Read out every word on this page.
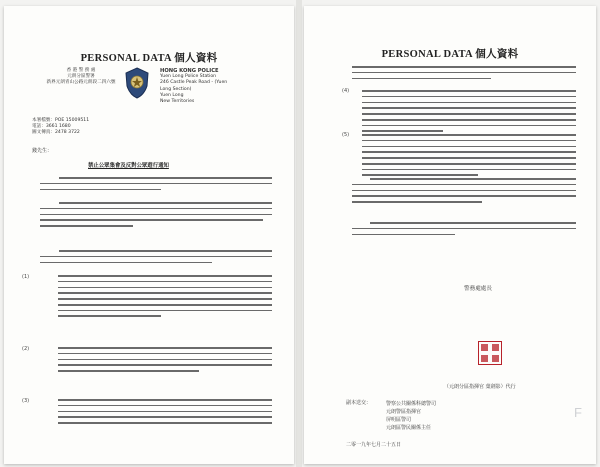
PERSONAL DATA 個人資料
香 港 警 務 處
元朗分區警署
新界元朗青山公路元朗段二四六號
HONG KONG POLICE
Yuen Long Police Station
246 Castle Peak Road - (Yuen
Long Section)
Yuen Long
New Territories
本署檔號：POE 15009511
電話：3661 1680
圖文傳真：2478 3722
錢先生：
禁止公眾集會及反對公眾遊行通知
(1)
(2)
(3)
PERSONAL DATA 個人資料
(4)
(5)
警務處處長
（元朗分區指揮官 葉劍影）代行
副本送交：	警察公共關係科總警司
元朗警區指揮官
屏明區警司
元朗區警民關係主任
二零一九年七月二十五日
F
